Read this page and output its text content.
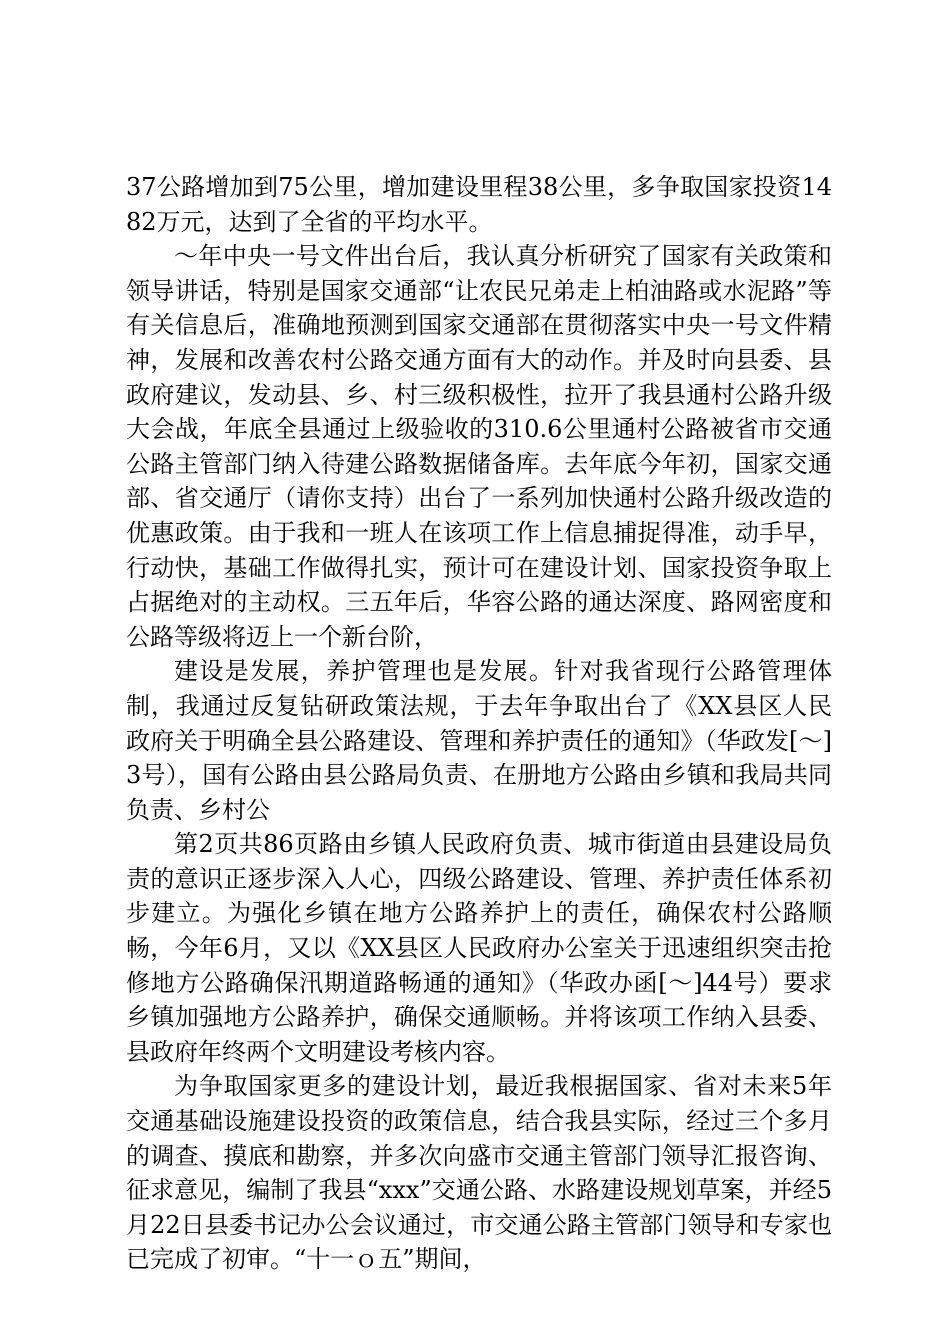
37公路增加到75公里，增加建设里程38公里，多争取国家投资1482万元，达到了全省的平均水平。

～年中央一号文件出台后，我认真分析研究了国家有关政策和领导讲话，特别是国家交通部“让农民兄弟走上柏油路或水泥路”等有关信息后，准确地预测到国家交通部在贯彻落实中央一号文件精神，发展和改善农村公路交通方面有大的动作。并及时向县委、县政府建议，发动县、乡、村三级积极性，拉开了我县通村公路升级大会战，年底全县通过上级验收的310.6公里通村公路被省市交通公路主管部门纳入待建公路数据储备库。去年底今年初，国家交通部、省交通厅（请你支持）出台了一系列加快通村公路升级改造的优惠政策。由于我和一班人在该项工作上信息捕捉得准，动手早，行动快，基础工作做得扎实，预计可在建设计划、国家投资争取上占据绝对的主动权。三五年后，华容公路的通达深度、路网密度和公路等级将迈上一个新台阶，

建设是发展，养护管理也是发展。针对我省现行公路管理体制，我通过反复钻研政策法规，于去年争取出台了《XX县区人民政府关于明确全县公路建设、管理和养护责任的通知》（华政发[～]3号），国有公路由县公路局负责、在册地方公路由乡镇和我局共同负责、乡村公

第2页共86页路由乡镇人民政府负责、城市街道由县建设局负责的意识正逐步深入人心，四级公路建设、管理、养护责任体系初步建立。为强化乡镇在地方公路养护上的责任，确保农村公路顺畅，今年6月，又以《XX县区人民政府办公室关于迅速组织突击抢修地方公路确保汛期道路畅通的通知》（华政办函[～]44号）要求乡镇加强地方公路养护，确保交通顺畅。并将该项工作纳入县委、县政府年终两个文明建设考核内容。

为争取国家更多的建设计划，最近我根据国家、省对未来5年交通基础设施建设投资的政策信息，结合我县实际，经过三个多月的调查、摸底和勘察，并多次向盛市交通主管部门领导汇报咨询、征求意见，编制了我县“xxx”交通公路、水路建设规划草案，并经5月22日县委书记办公会议通过，市交通公路主管部门领导和专家也已完成了初审。“十一ｏ五”期间，
